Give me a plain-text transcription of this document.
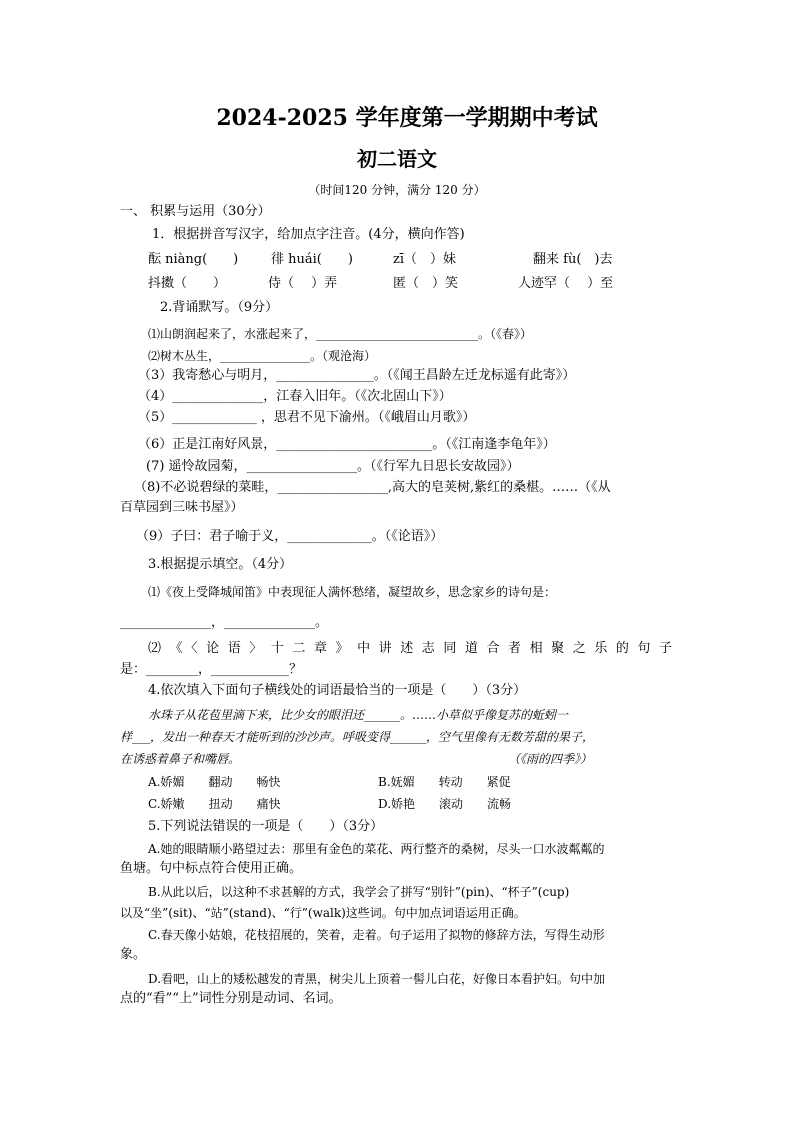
2024-2025 学年度第一学期期中考试
初二语文
（时间120 分钟，满分 120 分）
一、 积累与运用（30分）
1．根据拼音写汉字，给加点字注音。(4分，横向作答)
酝 niàng(　　)	徘 huái(　　)	zī（　）妹	翻来 fù(　)去
抖擞（　　）	侍（　 ）弄	匿（　）笑	人迹罕（　 ）至
2.背诵默写。（9分）
⑴山朗润起来了，水涨起来了，___________________________。（《春》）
⑵树木丛生，_______________。（观沧海）
（3）我寄愁心与明月，_______________。（《闻王昌龄左迁龙标遥有此寄》）
（4）______________，江春入旧年。（《次北固山下》）
（5）_____________ ，思君不见下渝州。（《峨眉山月歌》）
（6）正是江南好风景，________________________。（《江南逢李龟年》）
(7) 遥怜故园菊，_________________。（《行军九日思长安故园》）
（8)不必说碧绿的菜畦，_________________,高大的皂荚树,紫红的桑椹。……（《从
百草园到三味书屋》）
（9）子曰：君子喻于义，_____________。（《论语》）
3.根据提示填空。（4分）
⑴《夜上受降城闻笛》中表现征人满怀愁绪，凝望故乡，思念家乡的诗句是：
______________，______________。
⑵《〈论语〉十二章》中讲述志同道合者相聚之乐的句子
是：________，____________？
4.依次填入下面句子横线处的词语最恰当的一项是（　　）（3分）
水珠子从花苞里滴下来，比少女的眼泪还______。……小草似乎像复苏的蚯蚓一
样___，发出一种春天才能听到的沙沙声。呼吸变得______，空气里像有无数芳甜的果子，
在诱惑着鼻子和嘴唇。	（《雨的四季》）
A.娇媚　　翻动　　畅快	B.妩媚　　转动　　紧促
C.娇嫩　　扭动　　痛快	D.娇艳　　滚动　　流畅
5.下列说法错误的一项是（　　）（3分）
A.她的眼睛顺小路望过去：那里有金色的菜花、两行整齐的桑树，尽头一口水波粼粼的
鱼塘。句中标点符合使用正确。
B.从此以后，以这种不求甚解的方式，我学会了拼写“别针”(pin)、“杯子”(cup)
以及“坐”(sit)、“站”(stand)、“行”(walk)这些词。句中加点词语运用正确。
C.春天像小姑娘，花枝招展的，笑着，走着。句子运用了拟物的修辞方法，写得生动形
象。
D.看吧，山上的矮松越发的青黑，树尖儿上顶着一髻儿白花，好像日本看护妇。句中加
点的“看”“上”词性分别是动词、名词。
